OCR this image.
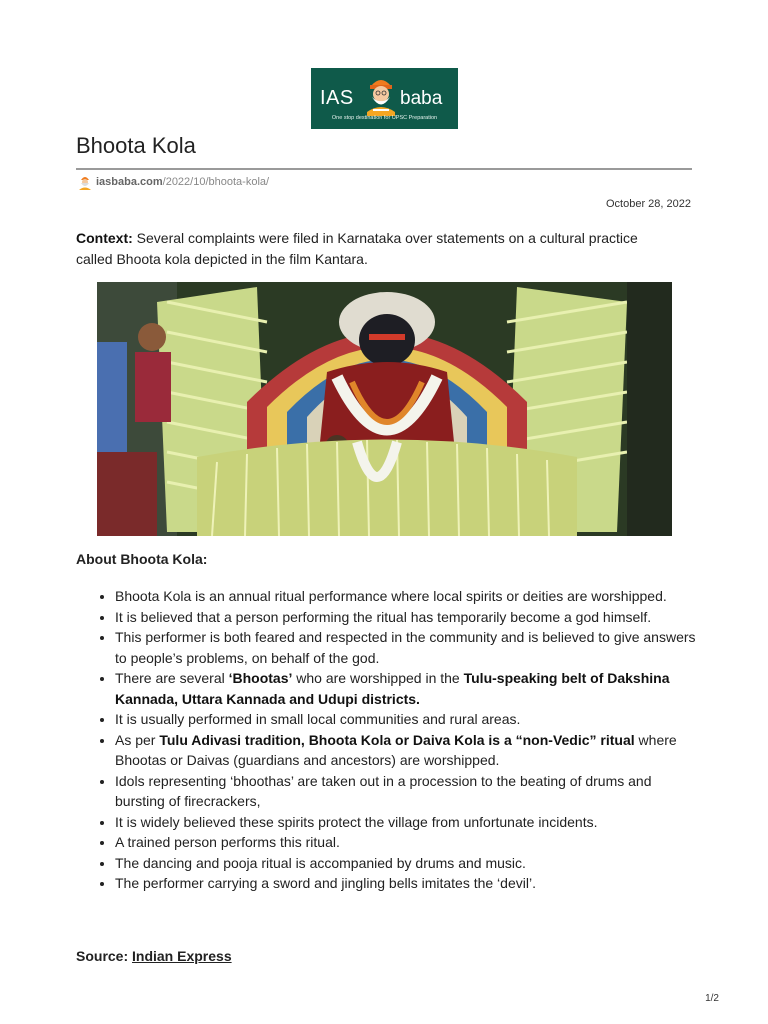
IAS baba
One stop destination for UPSC Preparation
Bhoota Kola
iasbaba.com /2022/10/bhoota-kola/
October 28, 2022

Context: Several complaints were filed in Karnataka over statements on a cultural practice called Bhoota kola depicted in the film Kantara.

About Bhoota Kola:
• Bhoota Kola is an annual ritual performance where local spirits or deities are worshipped.
• It is believed that a person performing the ritual has temporarily become a god himself.
• This performer is both feared and respected in the community and is believed to give answers to people’s problems, on behalf of the god.
• There are several ‘Bhootas’ who are worshipped in the Tulu-speaking belt of Dakshina Kannada, Uttara Kannada and Udupi districts.
• It is usually performed in small local communities and rural areas.
• As per Tulu Adivasi tradition, Bhoota Kola or Daiva Kola is a “non-Vedic” ritual where Bhootas or Daivas (guardians and ancestors) are worshipped.
• Idols representing ‘bhoothas’ are taken out in a procession to the beating of drums and bursting of firecrackers,
• It is widely believed these spirits protect the village from unfortunate incidents.
• A trained person performs this ritual.
• The dancing and pooja ritual is accompanied by drums and music.
• The performer carrying a sword and jingling bells imitates the ‘devil’.
Source: Indian Express
1/2
